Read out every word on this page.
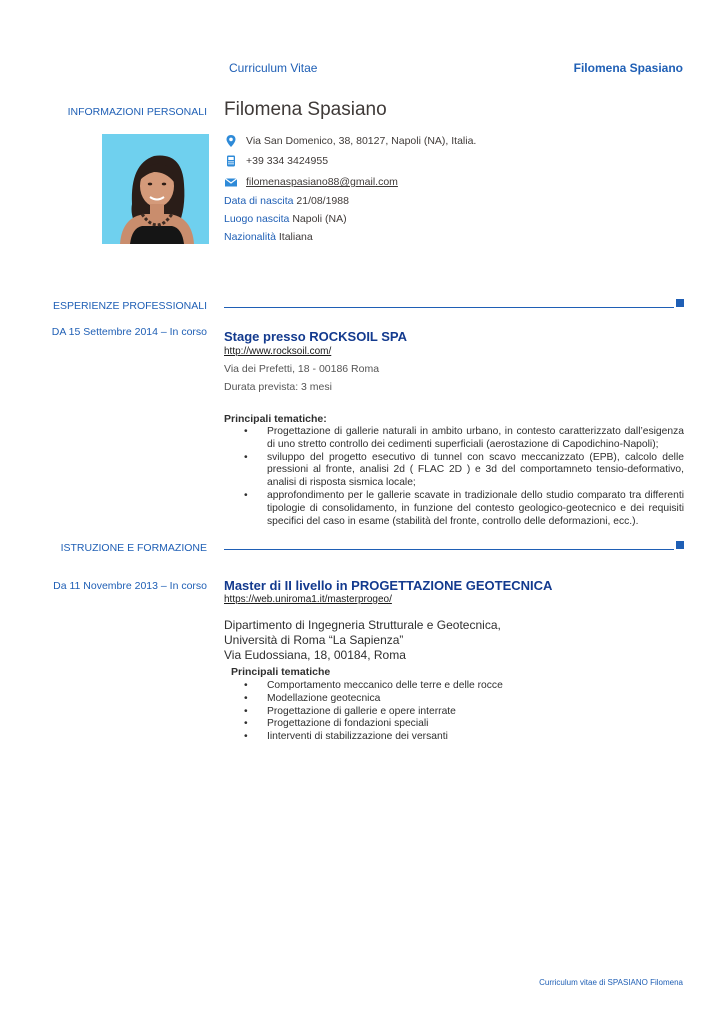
Curriculum Vitae	Filomena Spasiano
INFORMAZIONI PERSONALI Filomena Spasiano
Via San Domenico, 38, 80127, Napoli (NA), Italia.
+39 334 3424955
filomenaspasiano88@gmail.com
Data di nascita 21/08/1988
Luogo nascita Napoli (NA)
Nazionalità Italiana
ESPERIENZE PROFESSIONALI
DA 15 Settembre 2014 – In corso Stage presso ROCKSOIL SPA
http://www.rocksoil.com/
Via dei Prefetti, 18 - 00186 Roma
Durata prevista: 3 mesi
Principali tematiche:
• Progettazione di gallerie naturali in ambito urbano, in contesto caratterizzato dall’esigenza di uno stretto controllo dei cedimenti superficiali (aerostazione di Capodichino-Napoli);
• sviluppo del progetto esecutivo di tunnel con scavo meccanizzato (EPB), calcolo delle pressioni al fronte, analisi 2d ( FLAC 2D ) e 3d del comportamneto tensio-deformativo, analisi di risposta sismica locale;
• approfondimento per le gallerie scavate in tradizionale dello studio comparato tra differenti tipologie di consolidamento, in funzione del contesto geologico-geotecnico e dei requisiti specifici del caso in esame (stabilità del fronte, controllo delle deformazioni, ecc.).
ISTRUZIONE E FORMAZIONE
Da 11 Novembre 2013 – In corso Master di II livello in PROGETTAZIONE GEOTECNICA
https://web.uniroma1.it/masterprogeo/
Dipartimento di Ingegneria Strutturale e Geotecnica,
Università di Roma “La Sapienza”
Via Eudossiana, 18, 00184, Roma
Principali tematiche
• Comportamento meccanico delle terre e delle rocce
• Modellazione geotecnica
• Progettazione di gallerie e opere interrate
• Progettazione di fondazioni speciali
• Iinterventi di stabilizzazione dei versanti
Curriculum vitae di SPASIANO Filomena
